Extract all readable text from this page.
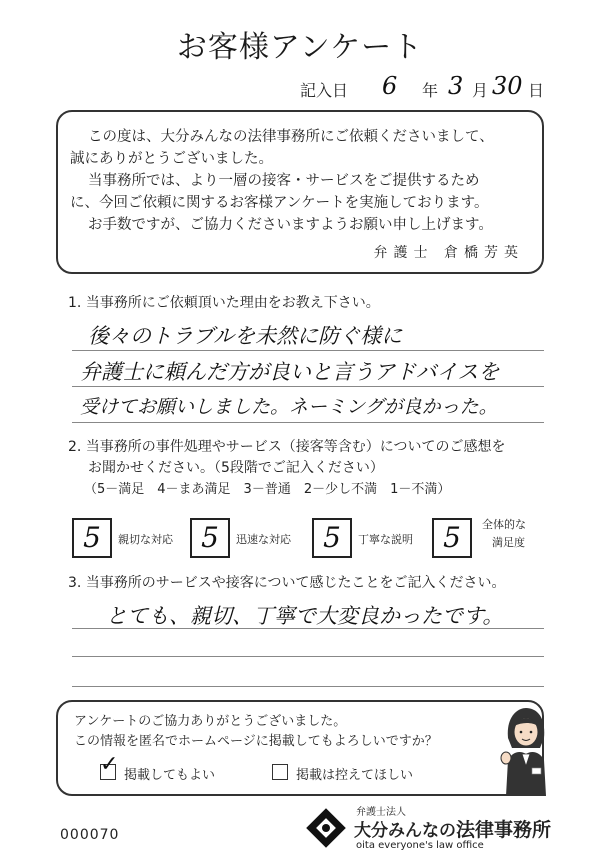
お客様アンケート
記入日 6 年 3 月 30 日
この度は、大分みんなの法律事務所にご依頼くださいまして、
誠にありがとうございました。
当事務所では、より一層の接客・サービスをご提供するため
に、今回ご依頼に関するお客様アンケートを実施しております。
お手数ですが、ご協力くださいますようお願い申し上げます。
弁護士 倉橋芳英
1. 当事務所にご依頼頂いた理由をお教え下さい。
後々のトラブルを未然に防ぐ様に
弁護士に頼んだ方が良いと言うアドバイスを
受けてお願いしました。ネーミングが良かった。
2. 当事務所の事件処理やサービス（接客等含む）についてのご感想を
お聞かせください。（5段階でご記入ください）
（5－満足　4－まあ満足　3－普通　2－少し不満　1－不満）
5	親切な対応	5	迅速な対応	5	丁寧な説明	5	全体的な
満足度
3. 当事務所のサービスや接客について感じたことをご記入ください。
とても、親切、丁寧で大変良かったです。
アンケートのご協力ありがとうございました。
この情報を匿名でホームページに掲載してもよろしいですか？
✓ 掲載してもよい	掲載は控えてほしい
000070
弁護士法人
大分みんなの法律事務所
oita everyone's law office
